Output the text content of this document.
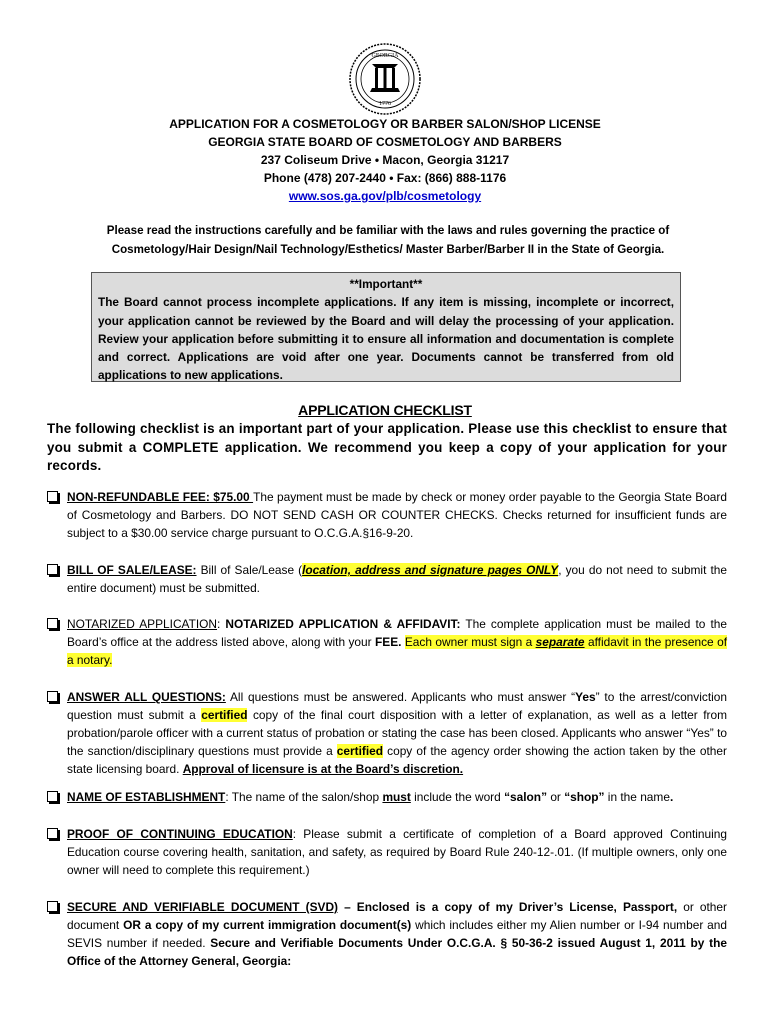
GEORGIA
1776
APPLICATION FOR A COSMETOLOGY OR BARBER SALON/SHOP LICENSE
GEORGIA STATE BOARD OF COSMETOLOGY AND BARBERS
237 Coliseum Drive • Macon, Georgia 31217
Phone (478) 207-2440 • Fax: (866) 888-1176
www.sos.ga.gov/plb/cosmetology
Please read the instructions carefully and be familiar with the laws and rules governing the practice of Cosmetology/Hair Design/Nail Technology/Esthetics/ Master Barber/Barber II in the State of Georgia.
**Important**
The Board cannot process incomplete applications. If any item is missing, incomplete or incorrect, your application cannot be reviewed by the Board and will delay the processing of your application. Review your application before submitting it to ensure all information and documentation is complete and correct. Applications are void after one year. Documents cannot be transferred from old applications to new applications.
APPLICATION CHECKLIST
The following checklist is an important part of your application. Please use this checklist to ensure that you submit a COMPLETE application. We recommend you keep a copy of your application for your records.
NON-REFUNDABLE FEE: $75.00 The payment must be made by check or money order payable to the Georgia State Board of Cosmetology and Barbers. DO NOT SEND CASH OR COUNTER CHECKS. Checks returned for insufficient funds are subject to a $30.00 service charge pursuant to O.C.G.A.§16-9-20.
BILL OF SALE/LEASE: Bill of Sale/Lease (location, address and signature pages ONLY, you do not need to submit the entire document) must be submitted.
NOTARIZED APPLICATION: NOTARIZED APPLICATION & AFFIDAVIT: The complete application must be mailed to the Board’s office at the address listed above, along with your FEE. Each owner must sign a separate affidavit in the presence of a notary.
ANSWER ALL QUESTIONS: All questions must be answered. Applicants who must answer “Yes” to the arrest/conviction question must submit a certified copy of the final court disposition with a letter of explanation, as well as a letter from probation/parole officer with a current status of probation or stating the case has been closed. Applicants who answer “Yes” to the sanction/disciplinary questions must provide a certified copy of the agency order showing the action taken by the other state licensing board. Approval of licensure is at the Board’s discretion.
NAME OF ESTABLISHMENT: The name of the salon/shop must include the word “salon” or “shop” in the name.
PROOF OF CONTINUING EDUCATION: Please submit a certificate of completion of a Board approved Continuing Education course covering health, sanitation, and safety, as required by Board Rule 240-12-.01. (If multiple owners, only one owner will need to complete this requirement.)
SECURE AND VERIFIABLE DOCUMENT (SVD) – Enclosed is a copy of my Driver’s License, Passport, or other document OR a copy of my current immigration document(s) which includes either my Alien number or I-94 number and SEVIS number if needed. Secure and Verifiable Documents Under O.C.G.A. § 50-36-2 issued August 1, 2011 by the Office of the Attorney General, Georgia:
